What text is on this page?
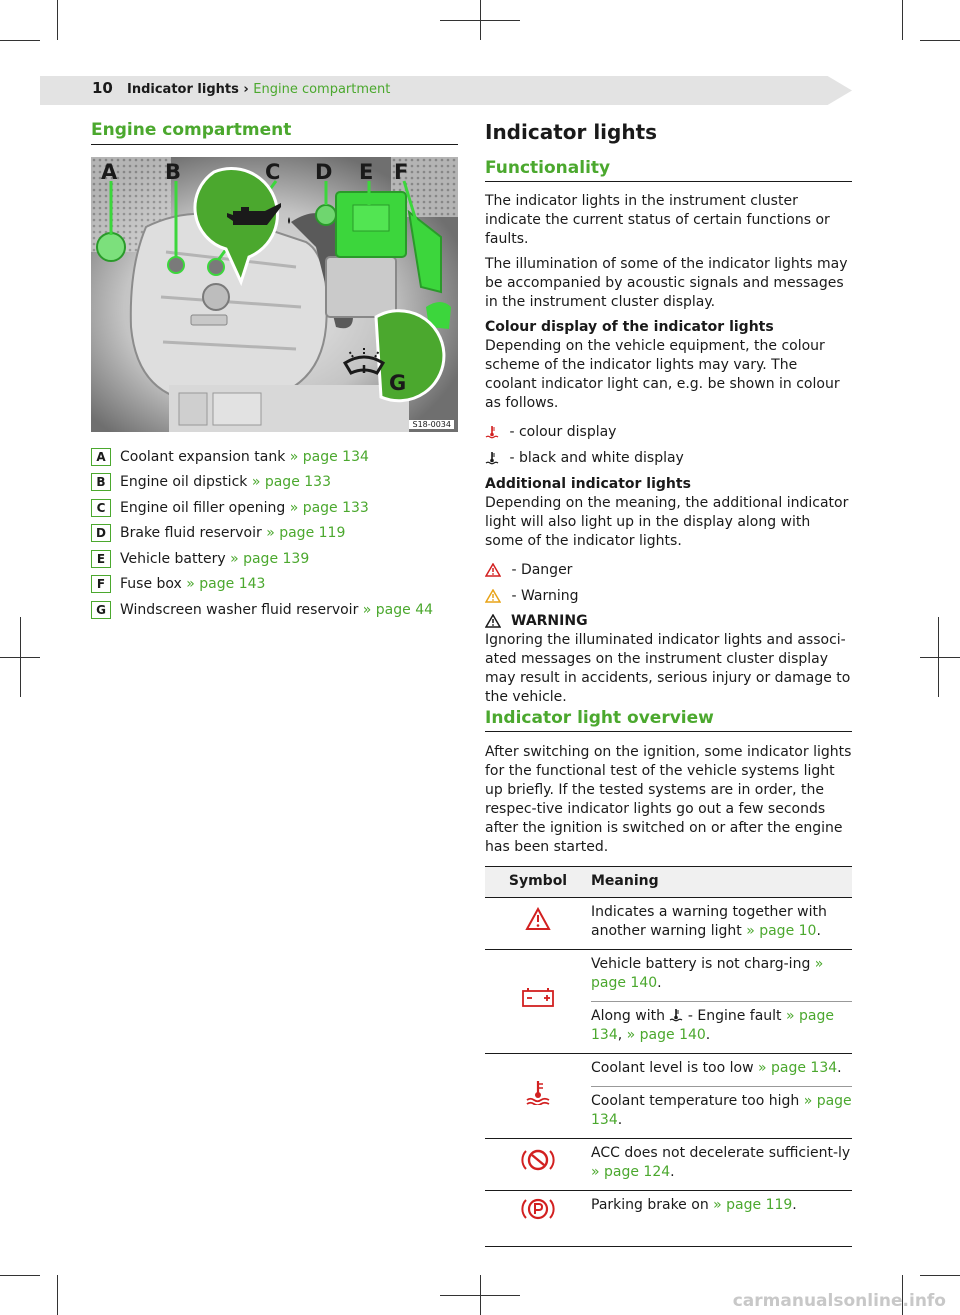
10 Indicator lights › Engine compartment
Engine compartment
A B	C D E F
G
S18-0034
A	Coolant expansion tank » page 134
B	Engine oil dipstick » page 133
C	Engine oil filler opening » page 133
D	Brake fluid reservoir » page 119
E	Vehicle battery » page 139
F	Fuse box » page 143
G	Windscreen washer fluid reservoir » page 44
Indicator lights
Functionality

The indicator lights in the instrument cluster indicate the current status of certain functions or faults.

The illumination of some of the indicator lights may be accompanied by acoustic signals and messages in the instrument cluster display.

Colour display of the indicator lights

Depending on the vehicle equipment, the colour scheme of the indicator lights may vary. The coolant indicator light can, e.g. be shown in colour as follows.

- colour display
- black and white display
Additional indicator lights

Depending on the meaning, the additional indicator light will also light up in the display along with some of the indicator lights.

- Danger
- Warning
WARNING

Ignoring the illuminated indicator lights and associ-ated messages on the instrument cluster display may result in accidents, serious injury or damage to the vehicle.

Indicator light overview
After switching on the ignition, some indicator lights for the functional test of the vehicle systems light up briefly. If the tested systems are in order, the respec-tive indicator lights go out a few seconds after the ignition is switched on or after the engine has been started.
Symbol	Meaning
	Indicates a warning together with another warning light » page 10.
	Vehicle battery is not charg-ing » page 140.
	Along with  - Engine fault » page 134, » page 140.
	Coolant level is too low » page 134.
	Coolant temperature too high » page 134.
	ACC does not decelerate sufficient-ly » page 124.
	Parking brake on » page 119.
carmanualsonline.info
